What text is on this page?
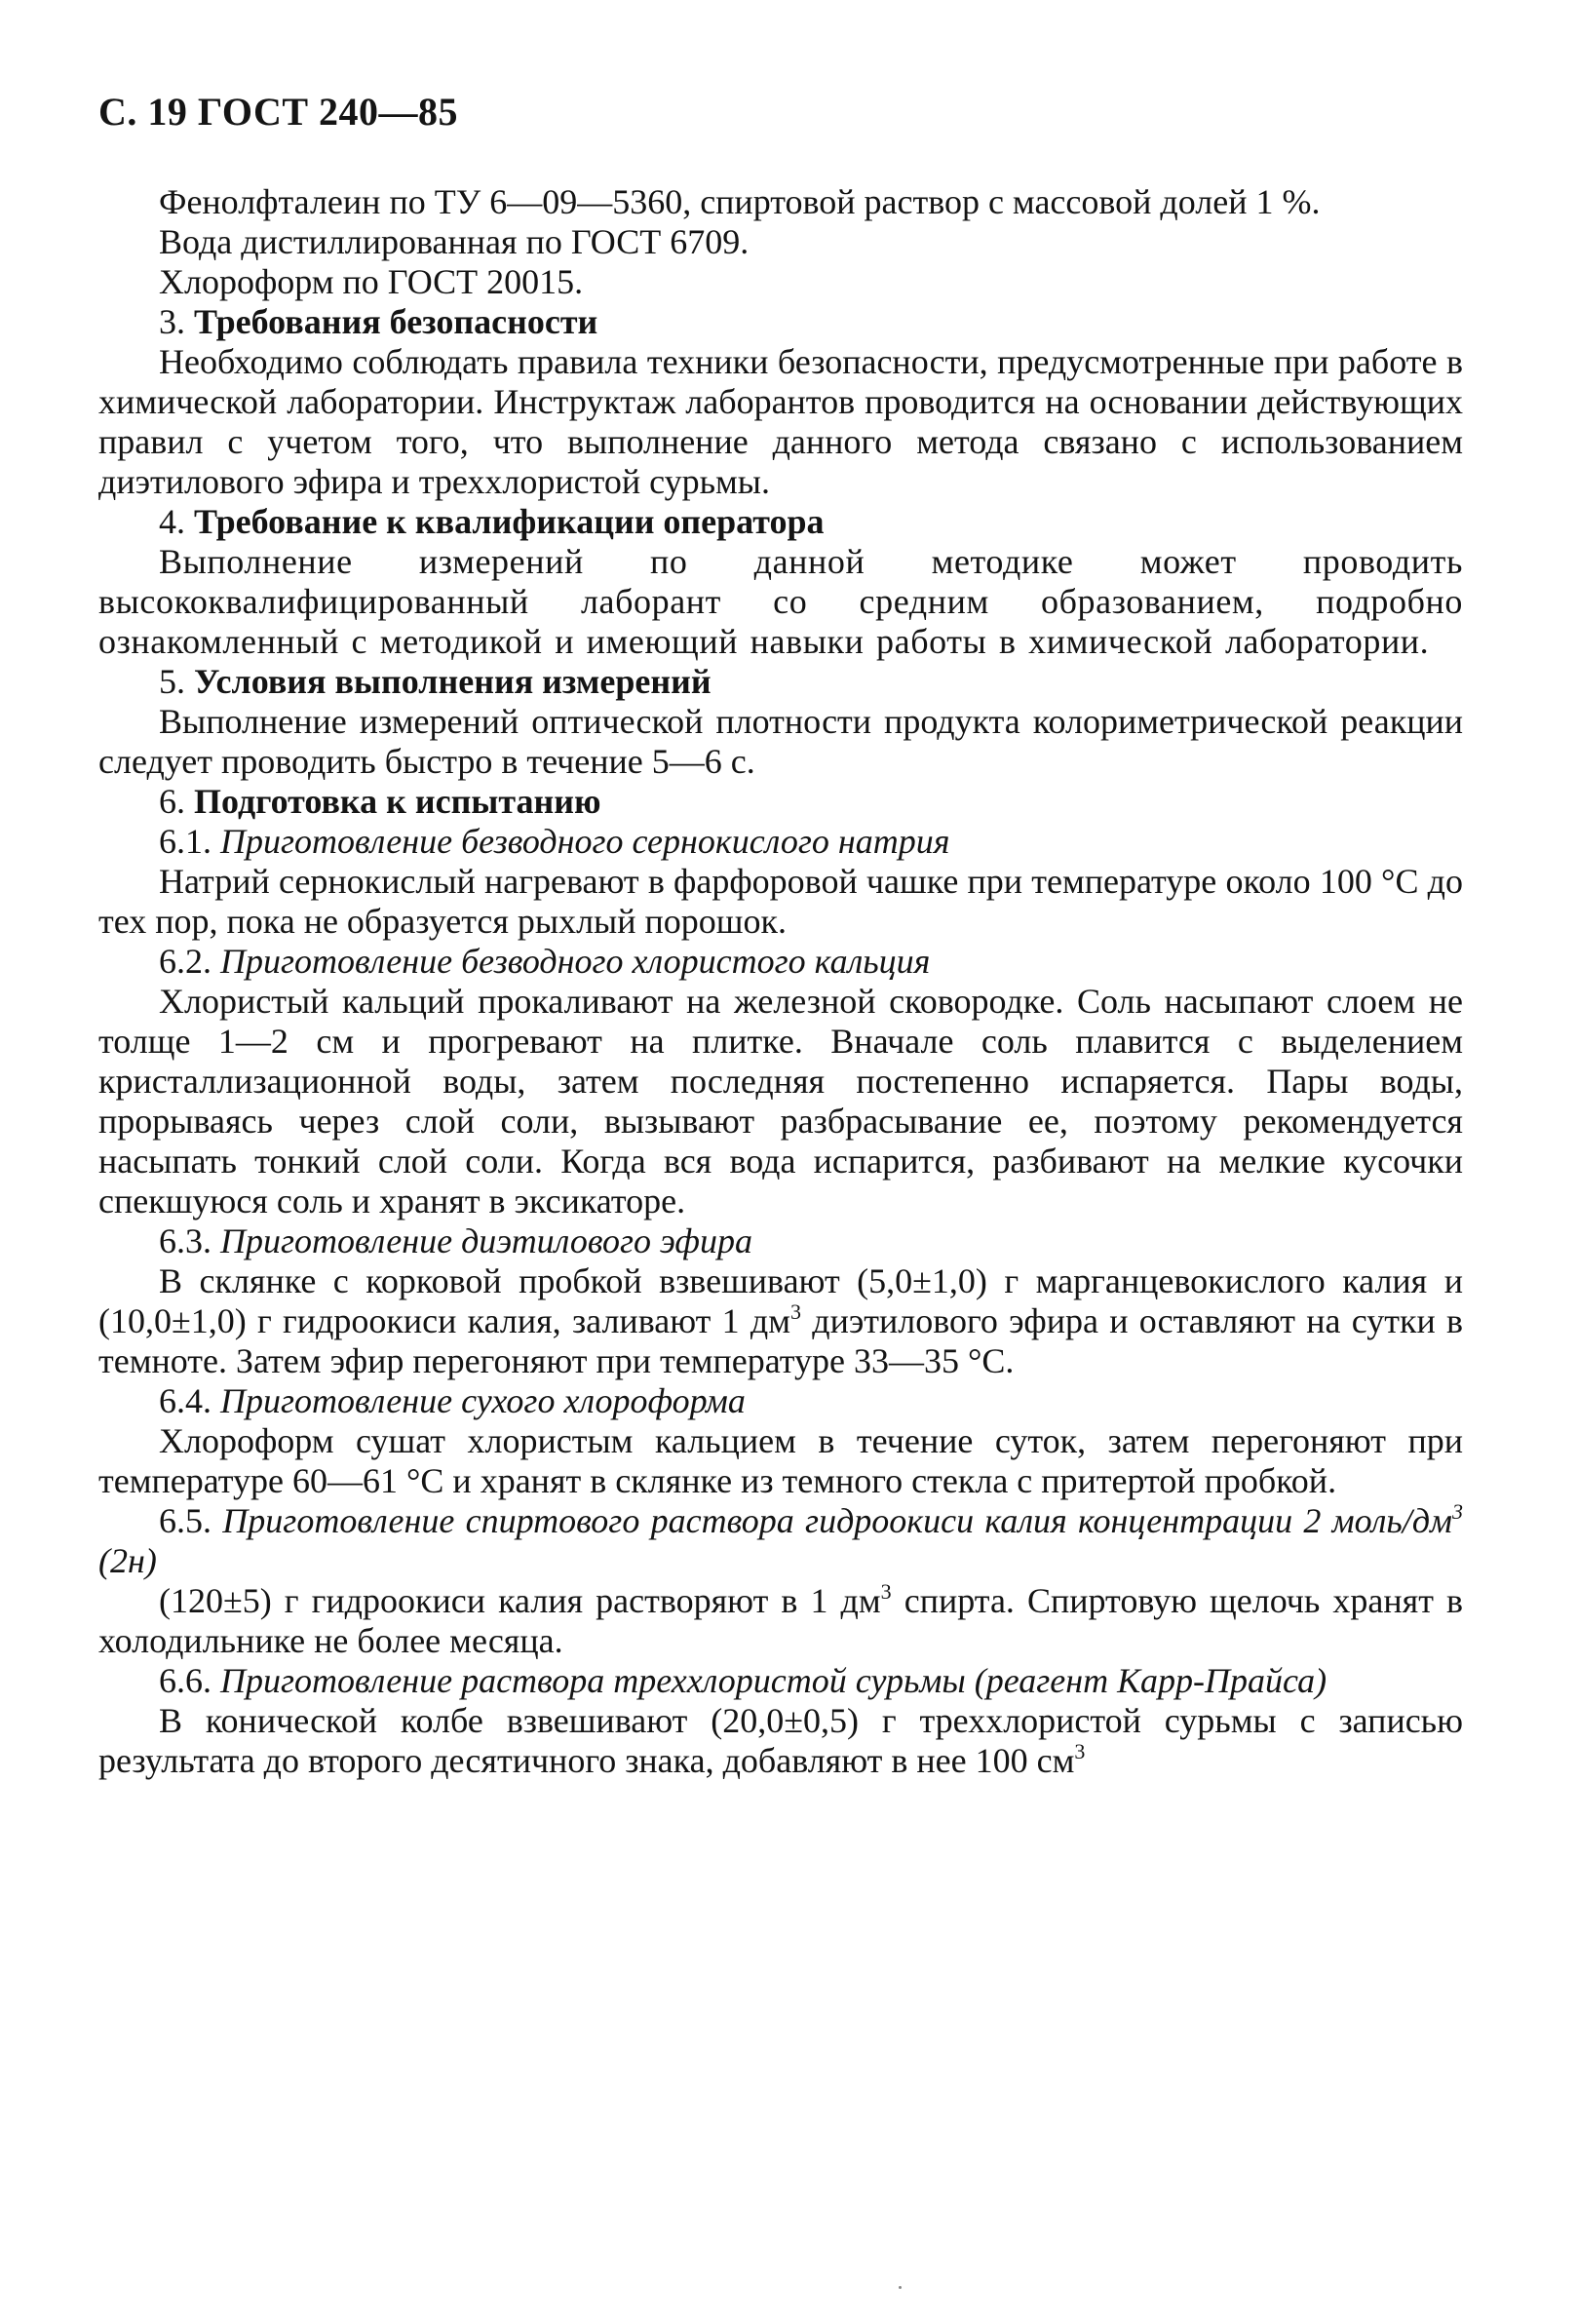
С. 19 ГОСТ 240—85

Фенолфталеин по ТУ 6—09—5360, спиртовой раствор с массовой долей 1 %.

Вода дистиллированная по ГОСТ 6709.

Хлороформ по ГОСТ 20015.

3. Требования безопасности

Необходимо соблюдать правила техники безопасности, предусмотренные при работе в химической лаборатории. Инструктаж лаборантов проводится на основании действующих правил с учетом того, что выполнение данного метода связано с использованием диэтилового эфира и треххлористой сурьмы.

4. Требование к квалификации оператора

Выполнение измерений по данной методике может проводить высококвалифицированный лаборант со средним образованием, подробно ознакомленный с методикой и имеющий навыки работы в химической лаборатории.

5. Условия выполнения измерений

Выполнение измерений оптической плотности продукта колориметрической реакции следует проводить быстро в течение 5—6 с.

6. Подготовка к испытанию

6.1. Приготовление безводного сернокислого натрия

Натрий сернокислый нагревают в фарфоровой чашке при температуре около 100 °С до тех пор, пока не образуется рыхлый порошок.

6.2. Приготовление безводного хлористого кальция

Хлористый кальций прокаливают на железной сковородке. Соль насыпают слоем не толще 1—2 см и прогревают на плитке. Вначале соль плавится с выделением кристаллизационной воды, затем последняя постепенно испаряется. Пары воды, прорываясь через слой соли, вызывают разбрасывание ее, поэтому рекомендуется насыпать тонкий слой соли. Когда вся вода испарится, разбивают на мелкие кусочки спекшуюся соль и хранят в эксикаторе.

6.3. Приготовление диэтилового эфира

В склянке с корковой пробкой взвешивают (5,0±1,0) г марганцевокислого калия и (10,0±1,0) г гидроокиси калия, заливают 1 $дм^3$ диэтилового эфира и оставляют на сутки в темноте. Затем эфир перегоняют при температуре 33—35 °С.

6.4. Приготовление сухого хлороформа

Хлороформ сушат хлористым кальцием в течение суток, затем перегоняют при температуре 60—61 °С и хранят в склянке из темного стекла с притертой пробкой.

6.5. Приготовление спиртового раствора гидроокиси калия концентрации 2 моль/$дм^3$ (2н)

(120±5) г гидроокиси калия растворяют в 1 $дм^3$ спирта. Спиртовую щелочь хранят в холодильнике не более месяца.

6.6. Приготовление раствора треххлористой сурьмы (реагент Карр-Прайса)

В конической колбе взвешивают (20,0±0,5) г треххлористой сурьмы с записью результата до второго десятичного знака, добавляют в нее 100 $см^3$
